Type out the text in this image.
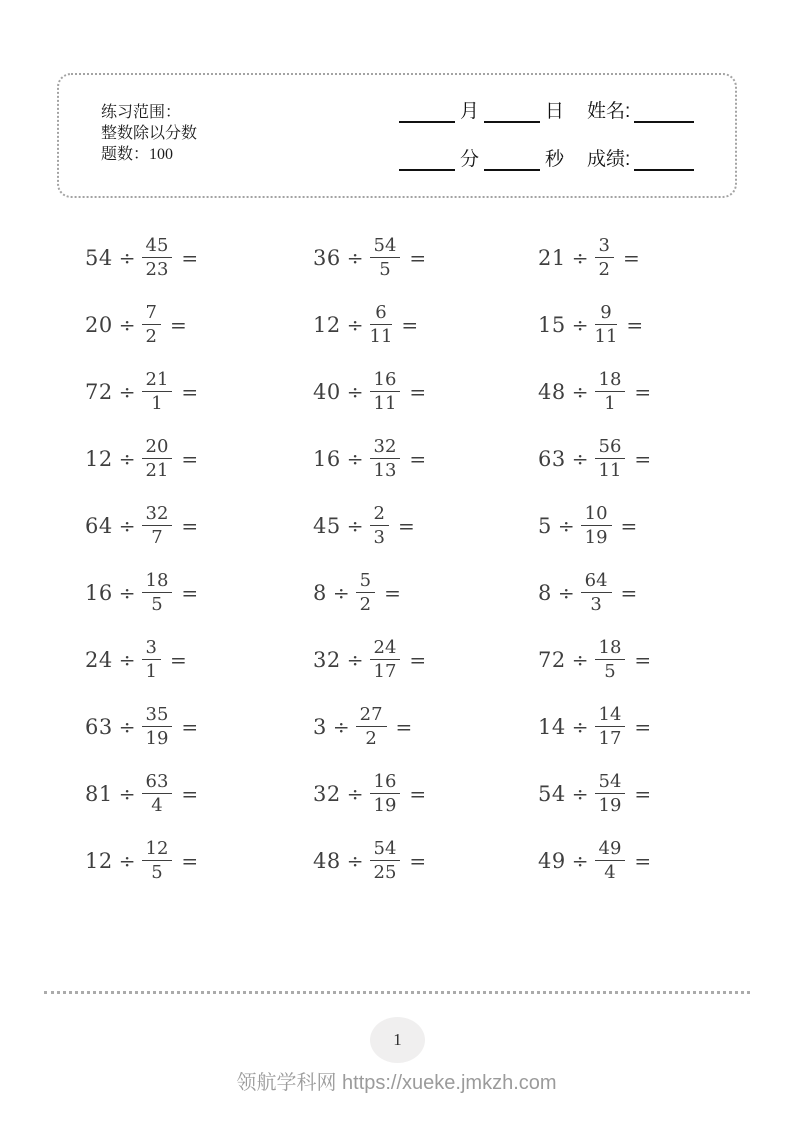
练习范围：
整数除以分数
题数：100
月	日 姓名:
分	秒 成绩:
$54 \div \frac{45}{23}$ =	$36 \div \frac{54}{5}$ =	$21 \div \frac{3}{2}$ =
$20 \div \frac{7}{2}$ =	$12 \div \frac{6}{11}$ =	$15 \div \frac{9}{11}$ =
$72 \div \frac{21}{1}$ =	$40 \div \frac{16}{11}$ =	$48 \div \frac{18}{1}$ =
$12 \div \frac{20}{21}$ =	$16 \div \frac{32}{13}$ =	$63 \div \frac{56}{11}$ =
$64 \div \frac{32}{7}$ =	$45 \div \frac{2}{3}$ =	$5 \div \frac{10}{19}$ =
$16 \div \frac{18}{5}$ =	$8 \div \frac{5}{2}$ =	$8 \div \frac{64}{3}$ =
$24 \div \frac{3}{1}$ =	$32 \div \frac{24}{17}$ =	$72 \div \frac{18}{5}$ =
$63 \div \frac{35}{19}$ =	$3 \div \frac{27}{2}$ =	$14 \div \frac{14}{17}$ =
$81 \div \frac{63}{4}$ =	$32 \div \frac{16}{19}$ =	$54 \div \frac{54}{19}$ =
$12 \div \frac{12}{5}$ =	$48 \div \frac{54}{25}$ =	$49 \div \frac{49}{4}$ =
1
领航学科网 https://xueke.jmkzh.com
